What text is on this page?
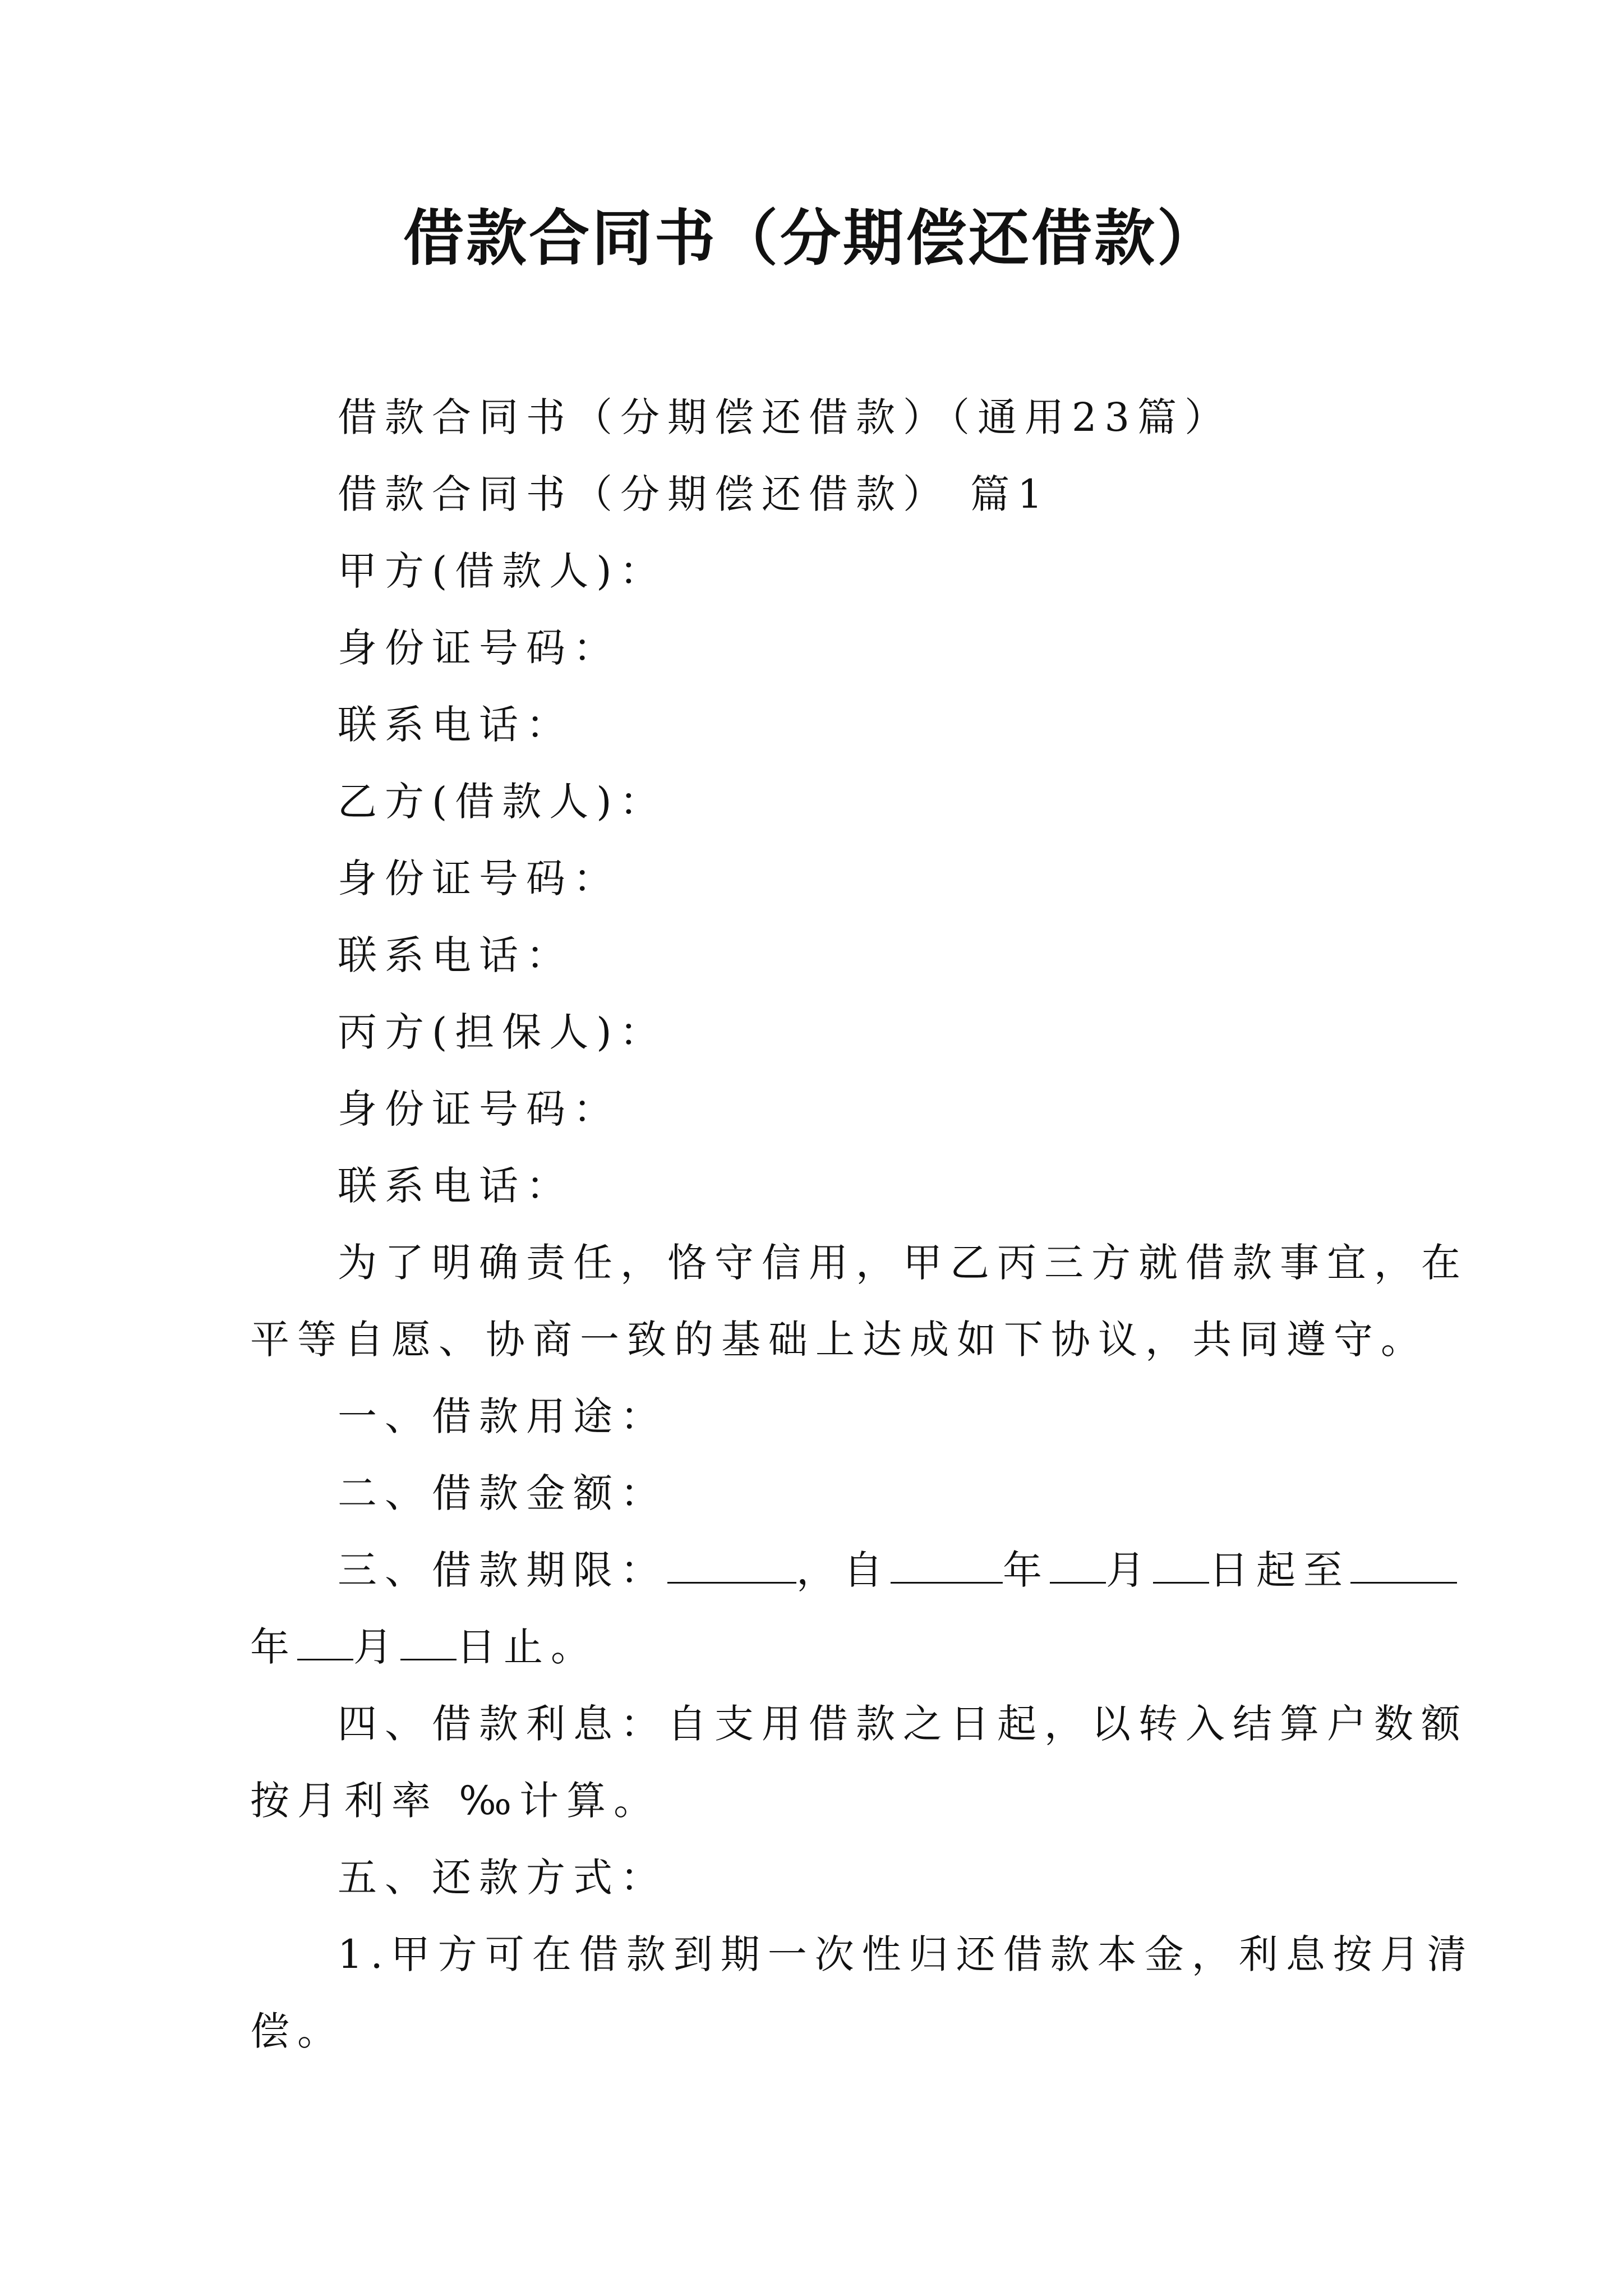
借款合同书（分期偿还借款）
借款合同书（分期偿还借款）（通用23篇）
借款合同书（分期偿还借款） 篇1
甲方(借款人)：
身份证号码：
联系电话：
乙方(借款人)：
身份证号码：
联系电话：
丙方(担保人)：
身份证号码：
联系电话：
为了明确责任，恪守信用，甲乙丙三方就借款事宜，在
平等自愿、协商一致的基础上达成如下协议，共同遵守。
一、借款用途：
二、借款金额：
三、借款期限：	，自	年 月 日起至
年 月 日止。
四、借款利息：自支用借款之日起，以转入结算户数额
按月利率 ‰计算。
五、还款方式：
1.甲方可在借款到期一次性归还借款本金，利息按月清
偿。
